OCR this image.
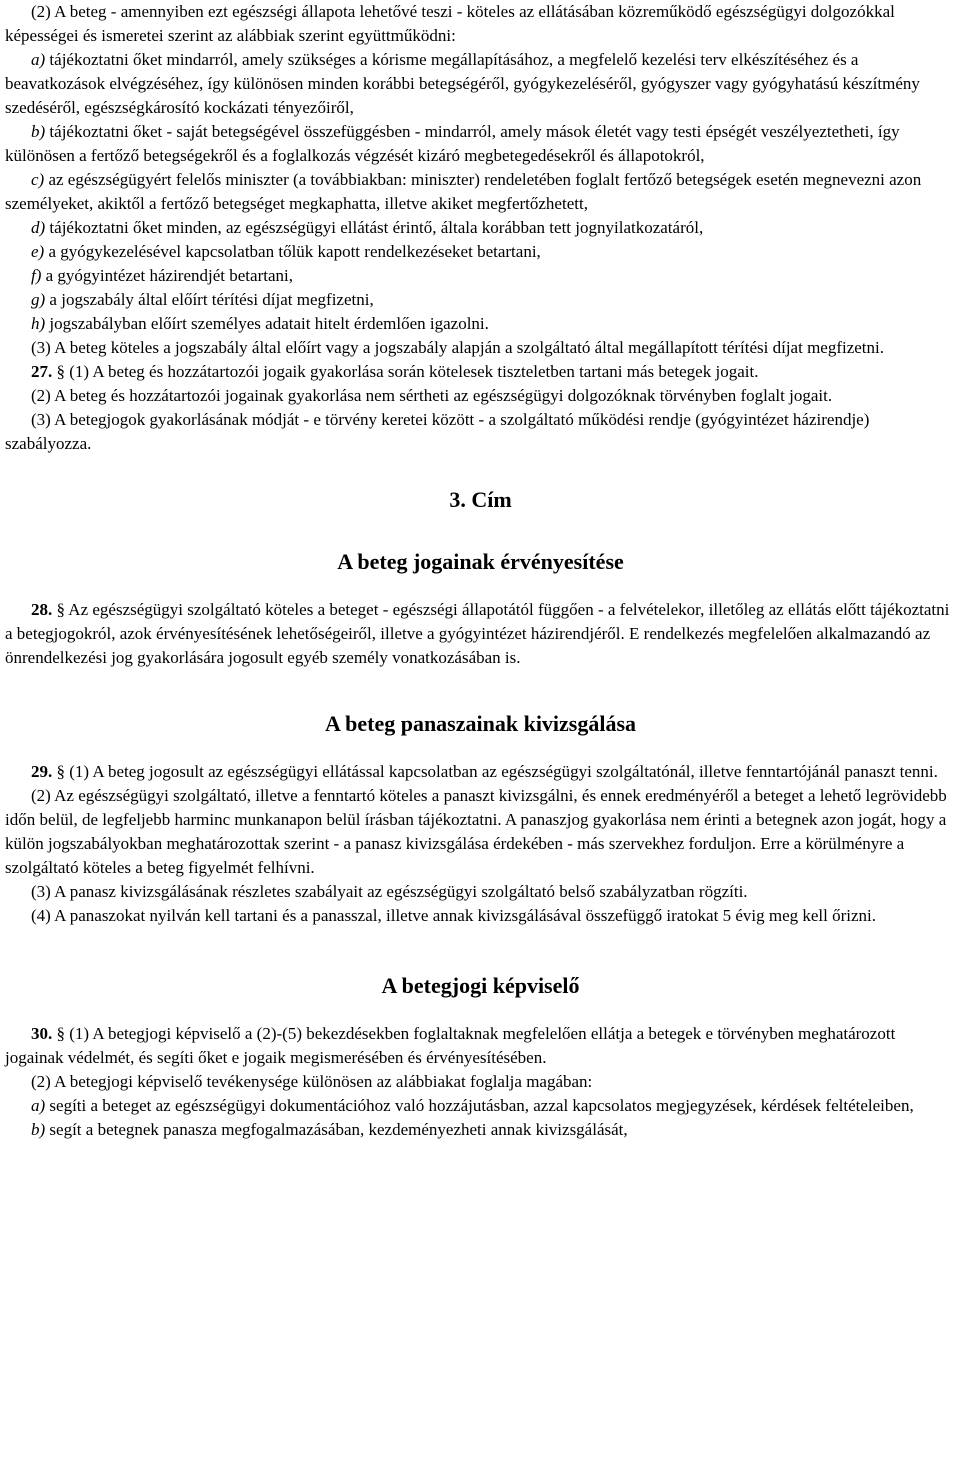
(2) A beteg - amennyiben ezt egészségi állapota lehetővé teszi - köteles az ellátásában közreműködő egészségügyi dolgozókkal képességei és ismeretei szerint az alábbiak szerint együttműködni:

a) tájékoztatni őket mindarról, amely szükséges a kórisme megállapításához, a megfelelő kezelési terv elkészítéséhez és a beavatkozások elvégzéséhez, így különösen minden korábbi betegségéről, gyógykezeléséről, gyógyszer vagy gyógyhatású készítmény szedéséről, egészségkárosító kockázati tényezőiről,

b) tájékoztatni őket - saját betegségével összefüggésben - mindarról, amely mások életét vagy testi épségét veszélyeztetheti, így különösen a fertőző betegségekről és a foglalkozás végzését kizáró megbetegedésekről és állapotokról,

c) az egészségügyért felelős miniszter (a továbbiakban: miniszter) rendeletében foglalt fertőző betegségek esetén megnevezni azon személyeket, akiktől a fertőző betegséget megkaphatta, illetve akiket megfertőzhetett,

d) tájékoztatni őket minden, az egészségügyi ellátást érintő, általa korábban tett jognyilatkozatáról,

e) a gyógykezelésével kapcsolatban tőlük kapott rendelkezéseket betartani,

f) a gyógyintézet házirendjét betartani,

g) a jogszabály által előírt térítési díjat megfizetni,

h) jogszabályban előírt személyes adatait hitelt érdemlően igazolni.

(3) A beteg köteles a jogszabály által előírt vagy a jogszabály alapján a szolgáltató által megállapított térítési díjat megfizetni.

27. § (1) A beteg és hozzátartozói jogaik gyakorlása során kötelesek tiszteletben tartani más betegek jogait.

(2) A beteg és hozzátartozói jogainak gyakorlása nem sértheti az egészségügyi dolgozóknak törvényben foglalt jogait.

(3) A betegjogok gyakorlásának módját - e törvény keretei között - a szolgáltató működési rendje (gyógyintézet házirendje) szabályozza.

3. Cím
A beteg jogainak érvényesítése

28. § Az egészségügyi szolgáltató köteles a beteget - egészségi állapotától függően - a felvételekor, illetőleg az ellátás előtt tájékoztatni a betegjogokról, azok érvényesítésének lehetőségeiről, illetve a gyógyintézet házirendjéről. E rendelkezés megfelelően alkalmazandó az önrendelkezési jog gyakorlására jogosult egyéb személy vonatkozásában is.

A beteg panaszainak kivizsgálása

29. § (1) A beteg jogosult az egészségügyi ellátással kapcsolatban az egészségügyi szolgáltatónál, illetve fenntartójánál panaszt tenni.

(2) Az egészségügyi szolgáltató, illetve a fenntartó köteles a panaszt kivizsgálni, és ennek eredményéről a beteget a lehető legrövidebb időn belül, de legfeljebb harminc munkanapon belül írásban tájékoztatni. A panaszjog gyakorlása nem érinti a betegnek azon jogát, hogy a külön jogszabályokban meghatározottak szerint - a panasz kivizsgálása érdekében - más szervekhez forduljon. Erre a körülményre a szolgáltató köteles a beteg figyelmét felhívni.

(3) A panasz kivizsgálásának részletes szabályait az egészségügyi szolgáltató belső szabályzatban rögzíti.

(4) A panaszokat nyilván kell tartani és a panasszal, illetve annak kivizsgálásával összefüggő iratokat 5 évig meg kell őrizni.

A betegjogi képviselő

30. § (1) A betegjogi képviselő a (2)-(5) bekezdésekben foglaltaknak megfelelően ellátja a betegek e törvényben meghatározott jogainak védelmét, és segíti őket e jogaik megismerésében és érvényesítésében.

(2) A betegjogi képviselő tevékenysége különösen az alábbiakat foglalja magában:

a) segíti a beteget az egészségügyi dokumentációhoz való hozzájutásban, azzal kapcsolatos megjegyzések, kérdések feltételeiben,

b) segít a betegnek panasza megfogalmazásában, kezdeményezheti annak kivizsgálását,
